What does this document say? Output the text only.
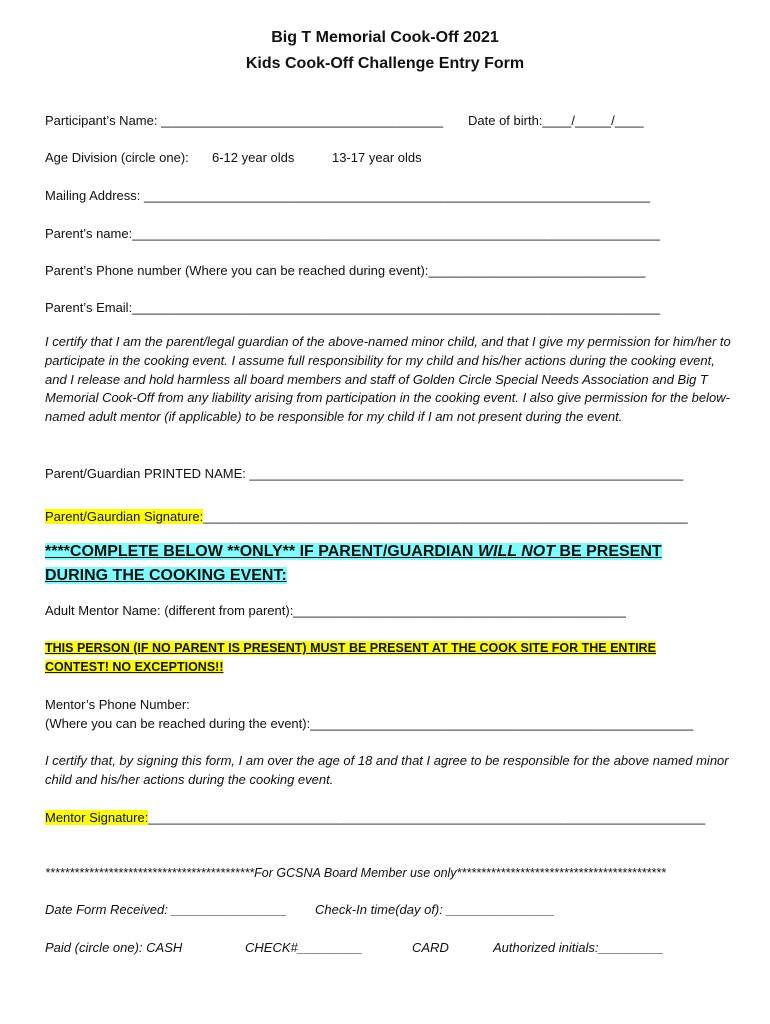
Big T Memorial Cook-Off 2021
Kids Cook-Off Challenge Entry Form
Participant’s Name: _______________________________________ Date of birth:____/_____/____
Age Division (circle one): 6-12 year olds	13-17 year olds
Mailing Address: ______________________________________________________________________
Parent’s name:_________________________________________________________________________
Parent’s Phone number (Where you can be reached during event):______________________________
Parent’s Email:_________________________________________________________________________
I certify that I am the parent/legal guardian of the above-named minor child, and that I give my permission for him/her to participate in the cooking event. I assume full responsibility for my child and his/her actions during the cooking event, and I release and hold harmless all board members and staff of Golden Circle Special Needs Association and Big T Memorial Cook-Off from any liability arising from participation in the cooking event. I also give permission for the below-named adult mentor (if applicable) to be responsible for my child if I am not present during the event.
Parent/Guardian PRINTED NAME: ____________________________________________________________
Parent/Gaurdian Signature:___________________________________________________________________
****COMPLETE BELOW **ONLY** IF PARENT/GUARDIAN WILL NOT BE PRESENT
DURING THE COOKING EVENT:
Adult Mentor Name: (different from parent):______________________________________________
THIS PERSON (IF NO PARENT IS PRESENT) MUST BE PRESENT AT THE COOK SITE FOR THE ENTIRE
CONTEST! NO EXCEPTIONS!!
Mentor’s Phone Number:
(Where you can be reached during the event):_____________________________________________________
I certify that, by signing this form, I am over the age of 18 and that I agree to be responsible for the above named minor child and his/her actions during the cooking event.
Mentor Signature:_____________________________________________________________________________
*******************************************For GCSNA Board Member use only*******************************************
Date Form Received: ________________ Check-In time(day of): _______________
Paid (circle one): CASH	CHECK#_________	CARD	Authorized initials:_________
